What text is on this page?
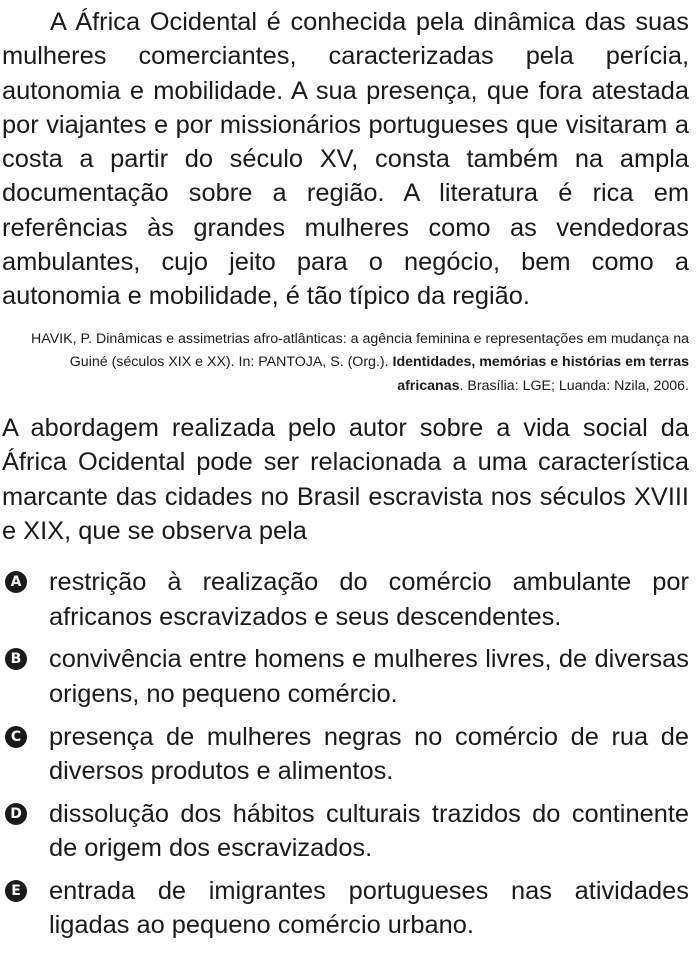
A África Ocidental é conhecida pela dinâmica das suas mulheres comerciantes, caracterizadas pela perícia, autonomia e mobilidade. A sua presença, que fora atestada por viajantes e por missionários portugueses que visitaram a costa a partir do século XV, consta também na ampla documentação sobre a região. A literatura é rica em referências às grandes mulheres como as vendedoras ambulantes, cujo jeito para o negócio, bem como a autonomia e mobilidade, é tão típico da região.

HAVIK, P. Dinâmicas e assimetrias afro-atlânticas: a agência feminina e representações em mudança na Guiné (séculos XIX e XX). In: PANTOJA, S. (Org.). Identidades, memórias e histórias em terras africanas. Brasília: LGE; Luanda: Nzila, 2006.

A abordagem realizada pelo autor sobre a vida social da África Ocidental pode ser relacionada a uma característica marcante das cidades no Brasil escravista nos séculos XVIII e XIX, que se observa pela

A restrição à realização do comércio ambulante por africanos escravizados e seus descendentes.
B convivência entre homens e mulheres livres, de diversas origens, no pequeno comércio.
C presença de mulheres negras no comércio de rua de diversos produtos e alimentos.
D dissolução dos hábitos culturais trazidos do continente de origem dos escravizados.
E entrada de imigrantes portugueses nas atividades ligadas ao pequeno comércio urbano.
